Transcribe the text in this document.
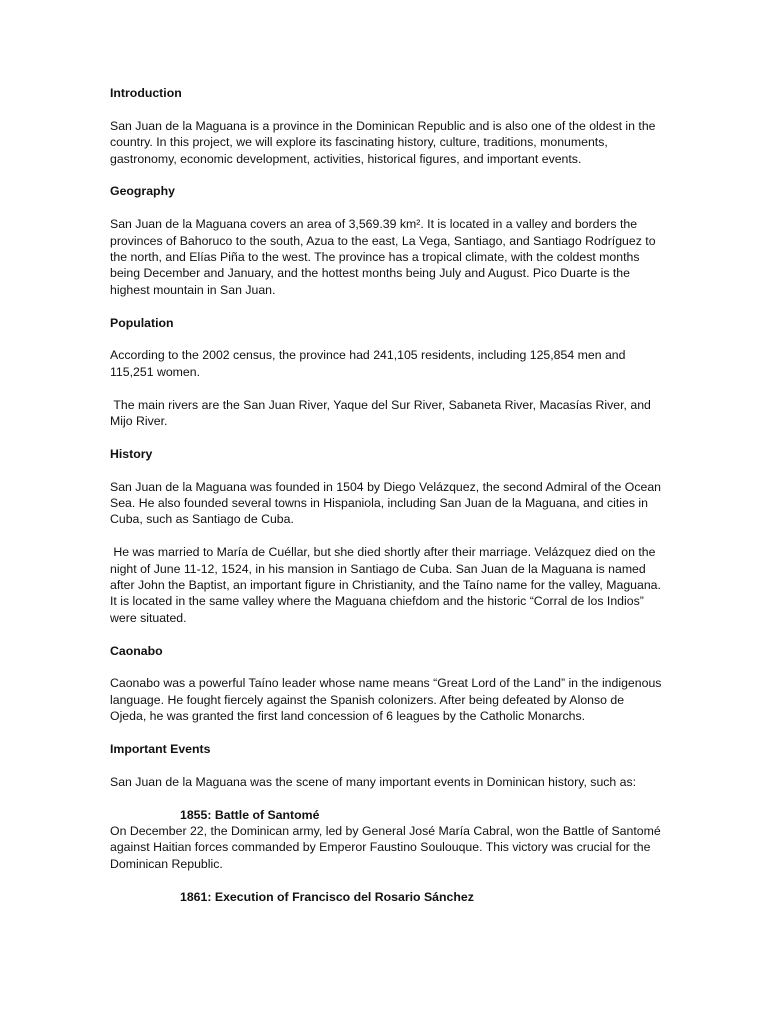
Introduction

San Juan de la Maguana is a province in the Dominican Republic and is also one of the oldest in the country. In this project, we will explore its fascinating history, culture, traditions, monuments, gastronomy, economic development, activities, historical figures, and important events.

Geography

San Juan de la Maguana covers an area of 3,569.39 km². It is located in a valley and borders the provinces of Bahoruco to the south, Azua to the east, La Vega, Santiago, and Santiago Rodríguez to the north, and Elías Piña to the west. The province has a tropical climate, with the coldest months being December and January, and the hottest months being July and August. Pico Duarte is the highest mountain in San Juan.

Population

According to the 2002 census, the province had 241,105 residents, including 125,854 men and 115,251 women.

The main rivers are the San Juan River, Yaque del Sur River, Sabaneta River, Macasías River, and Mijo River.

History

San Juan de la Maguana was founded in 1504 by Diego Velázquez, the second Admiral of the Ocean Sea. He also founded several towns in Hispaniola, including San Juan de la Maguana, and cities in Cuba, such as Santiago de Cuba.

He was married to María de Cuéllar, but she died shortly after their marriage. Velázquez died on the night of June 11-12, 1524, in his mansion in Santiago de Cuba. San Juan de la Maguana is named after John the Baptist, an important figure in Christianity, and the Taíno name for the valley, Maguana. It is located in the same valley where the Maguana chiefdom and the historic “Corral de los Indios” were situated.

Caonabo

Caonabo was a powerful Taíno leader whose name means “Great Lord of the Land” in the indigenous language. He fought fiercely against the Spanish colonizers. After being defeated by Alonso de Ojeda, he was granted the first land concession of 6 leagues by the Catholic Monarchs.

Important Events

San Juan de la Maguana was the scene of many important events in Dominican history, such as:

1855: Battle of Santomé

On December 22, the Dominican army, led by General José María Cabral, won the Battle of Santomé against Haitian forces commanded by Emperor Faustino Soulouque. This victory was crucial for the Dominican Republic.

1861: Execution of Francisco del Rosario Sánchez
